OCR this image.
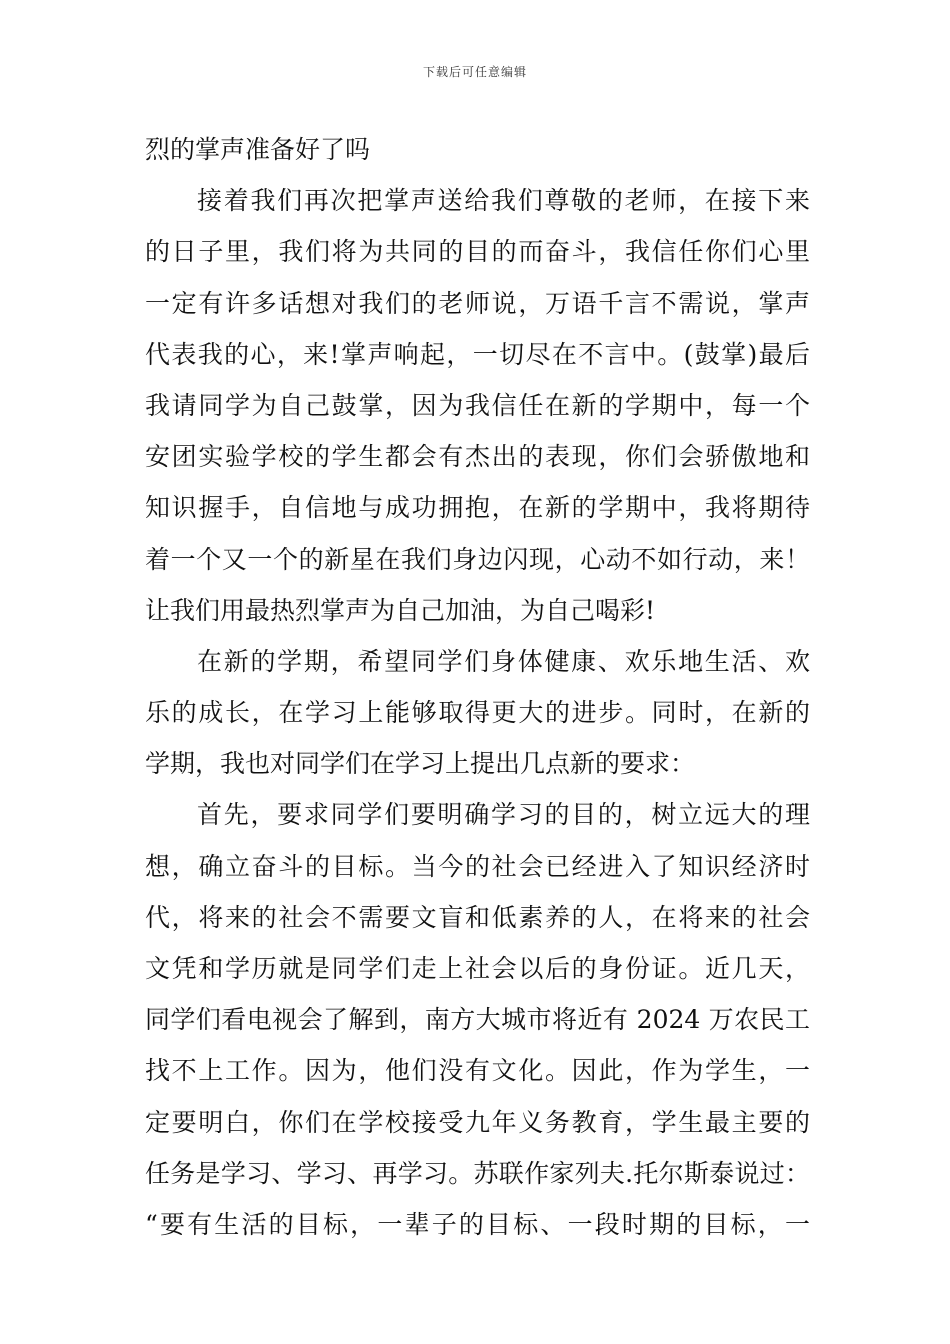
下载后可任意编辑
烈的掌声准备好了吗
接着我们再次把掌声送给我们尊敬的老师，在接下来
的日子里，我们将为共同的目的而奋斗，我信任你们心里
一定有许多话想对我们的老师说，万语千言不需说，掌声
代表我的心，来!掌声响起，一切尽在不言中。(鼓掌)最后
我请同学为自己鼓掌，因为我信任在新的学期中，每一个
安团实验学校的学生都会有杰出的表现，你们会骄傲地和
知识握手，自信地与成功拥抱，在新的学期中，我将期待
着一个又一个的新星在我们身边闪现，心动不如行动，来！
让我们用最热烈掌声为自己加油，为自己喝彩!
在新的学期，希望同学们身体健康、欢乐地生活、欢
乐的成长，在学习上能够取得更大的进步。同时，在新的
学期，我也对同学们在学习上提出几点新的要求：
首先，要求同学们要明确学习的目的，树立远大的理
想，确立奋斗的目标。当今的社会已经进入了知识经济时
代，将来的社会不需要文盲和低素养的人，在将来的社会
文凭和学历就是同学们走上社会以后的身份证。近几天，
同学们看电视会了解到，南方大城市将近有 2024 万农民工
找不上工作。因为，他们没有文化。因此，作为学生，一
定要明白，你们在学校接受九年义务教育，学生最主要的
任务是学习、学习、再学习。苏联作家列夫.托尔斯泰说过：
“要有生活的目标，一辈子的目标、一段时期的目标，一
